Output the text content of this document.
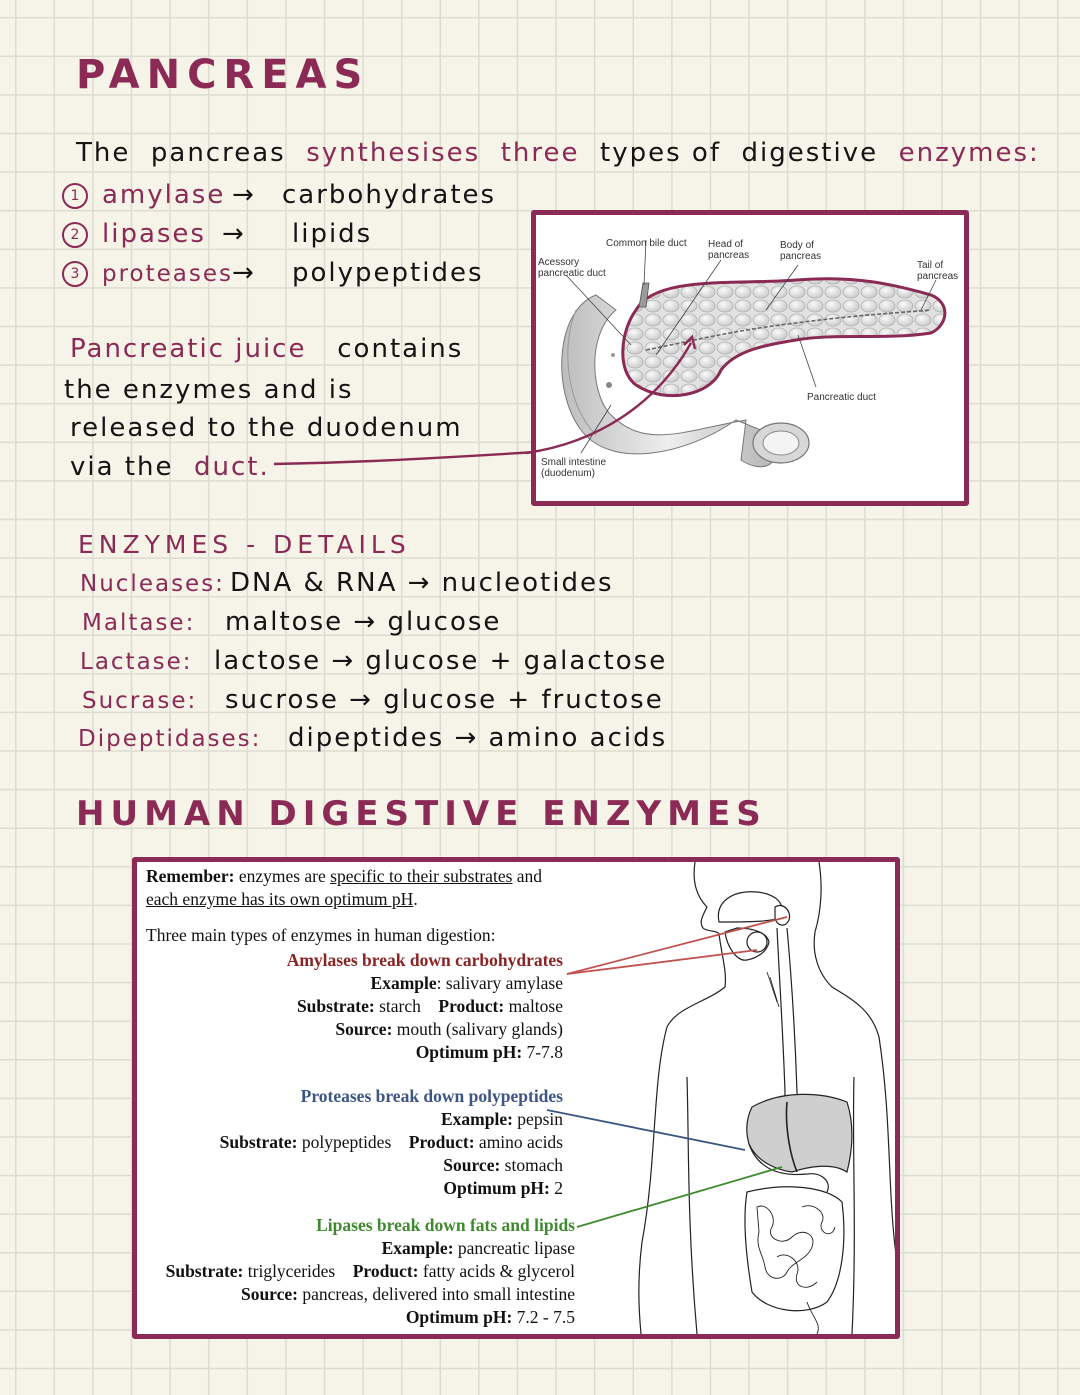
PANCREAS
The pancreas synthesises three types of digestive enzymes:
1 amylase → carbohydrates
2 lipases → lipids
3 proteases→ polypeptides
Pancreatic juice contains
the enzymes and is
released to the duodenum
via the duct.
Acessory
pancreatic duct
Common bile duct Head of
pancreas
Body of
pancreas
Tail of
pancreas
Pancreatic duct
Small intestine
(duodenum)
ENZYMES - DETAILS
Nucleases: DNA & RNA → nucleotides
Maltase: maltose → glucose
Lactase: lactose → glucose + galactose
Sucrase: sucrose → glucose + fructose
Dipeptidases: dipeptides → amino acids
HUMAN DIGESTIVE ENZYMES
Remember: enzymes are specific to their substrates and
each enzyme has its own optimum pH.
Three main types of enzymes in human digestion:
Amylases break down carbohydrates
Example: salivary amylase
Substrate: starch Product: maltose
Source: mouth (salivary glands)
Optimum pH: 7-7.8
Proteases break down polypeptides
Example: pepsin
Substrate: polypeptides Product: amino acids
Source: stomach
Optimum pH: 2
Lipases break down fats and lipids
Example: pancreatic lipase
Substrate: triglycerides Product: fatty acids & glycerol
Source: pancreas, delivered into small intestine
Optimum pH: 7.2 - 7.5
